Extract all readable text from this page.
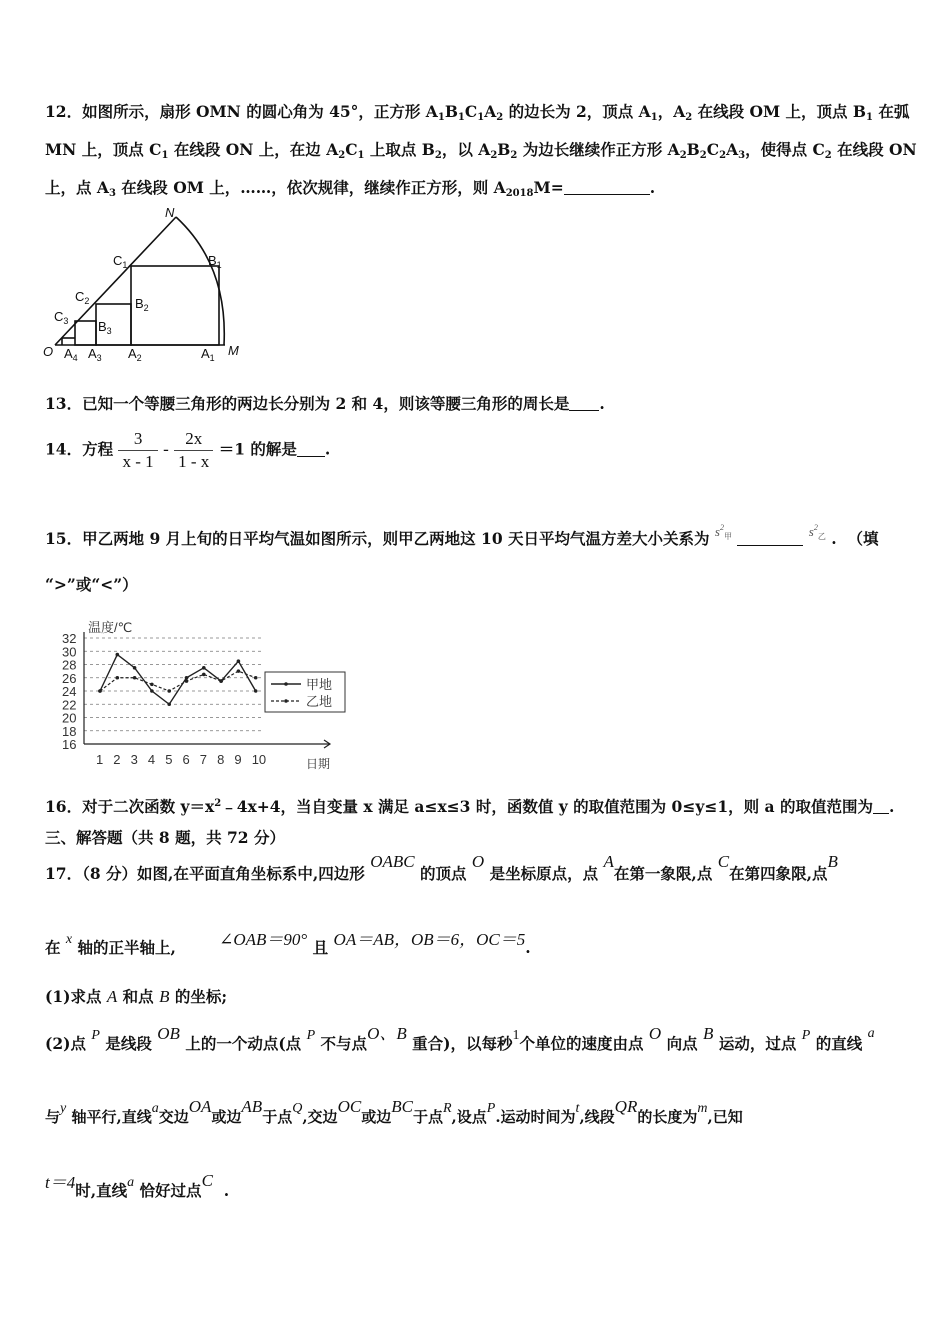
12．如图所示，扇形 OMN 的圆心角为 45°，正方形 $A_1B_1C_1A_2$ 的边长为 2，顶点 $A_1$，$A_2$ 在线段 OM 上，顶点 $B_1$ 在弧
MN 上，顶点 $C_1$ 在线段 ON 上，在边 $A_2C_1$ 上取点 $B_2$，以 $A_2B_2$ 为边长继续作正方形 $A_2B_2C_2A_3$，使得点 $C_2$ 在线段 ON
上，点 $A_3$ 在线段 OM 上，……，依次规律，继续作正方形，则 $A_{2018}M=$	.
N
M
O
$C_1$
$C_2$
$C_3$
$B_1$
$B_2$
$B_3$
$A_1$
$A_2$
$A_3$
$A_4$
13．已知一个等腰三角形的两边长分别为 2 和 4，则该等腰三角形的周长是 .
14．方程 $\frac{3}{x - 1} - \frac{2x}{1 - x} =1$ 的解是 .
15．甲乙两地 9 月上旬的日平均气温如图所示，则甲乙两地这 10 天日平均气温方差大小关系为 $^{s^2_甲}$	$^{s^2_乙}$ . （填
“>”或“<”）
16
18
20
22
24
26
28
30
32
1 2 3 4 5 6 7 8 9 10
温度/℃
日期
甲地
乙地
16．对于二次函数 $y=x^2﹣4x+4$，当自变量 x 满足 a≤x≤3 时，函数值 y 的取值范围为 0≤y≤1，则 a 的取值范围为 .
三、解答题（共 8 题，共 72 分）
17．（8 分）如图,在平面直角坐标系中,四边形 OABC 的顶点 O 是坐标原点，点 A在第一象限,点 C在第四象限,点B
在 x 轴的正半轴上,	∠OAB＝90° 且 OA＝AB，OB＝6，OC＝5.
(1)求点 A 和点 B 的坐标;
(2)点 P 是线段 OB 上的一个动点(点 P 不与点O、B 重合)，以每秒1个单位的速度由点 O 向点 B 运动，过点 P 的直线 a
与y 轴平行,直线a交边OA或边AB于点Q,交边OC或边BC于点R,设点P.运动时间为t,线段QR的长度为m,已知
t＝4时,直线a 恰好过点C  .
